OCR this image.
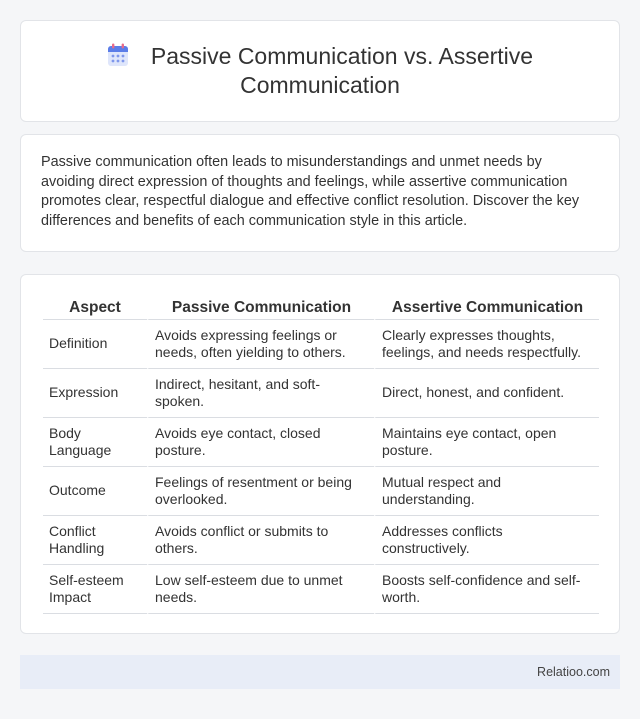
Passive Communication vs. Assertive Communication

Passive communication often leads to misunderstandings and unmet needs by avoiding direct expression of thoughts and feelings, while assertive communication promotes clear, respectful dialogue and effective conflict resolution. Discover the key differences and benefits of each communication style in this article.

Aspect	Passive Communication	Assertive Communication
Definition	Avoids expressing feelings or needs, often yielding to others.	Clearly expresses thoughts, feelings, and needs respectfully.
Expression	Indirect, hesitant, and soft-spoken.	Direct, honest, and confident.
Body Language	Avoids eye contact, closed posture.	Maintains eye contact, open posture.
Outcome	Feelings of resentment or being overlooked.	Mutual respect and understanding.
Conflict Handling	Avoids conflict or submits to others.	Addresses conflicts constructively.
Self-esteem Impact	Low self-esteem due to unmet needs.	Boosts self-confidence and self-worth.
Relatioo.com
